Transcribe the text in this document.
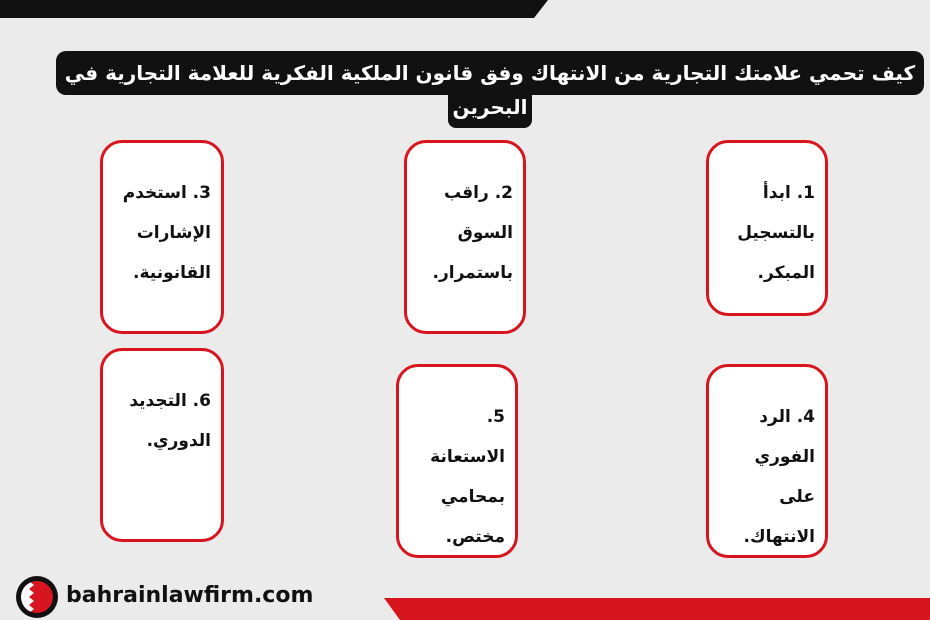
كيف تحمي علامتك التجارية من الانتهاك وفق قانون الملكية الفكرية للعلامة التجارية في
البحرين
1. ابدأ بالتسجيل المبكر.
2. راقب السوق باستمرار.
3. استخدم الإشارات القانونية.
4. الرد الفوري على الانتهاك.
5. الاستعانة بمحامي مختص.
6. التجديد الدوري.
bahrainlawfirm.com
